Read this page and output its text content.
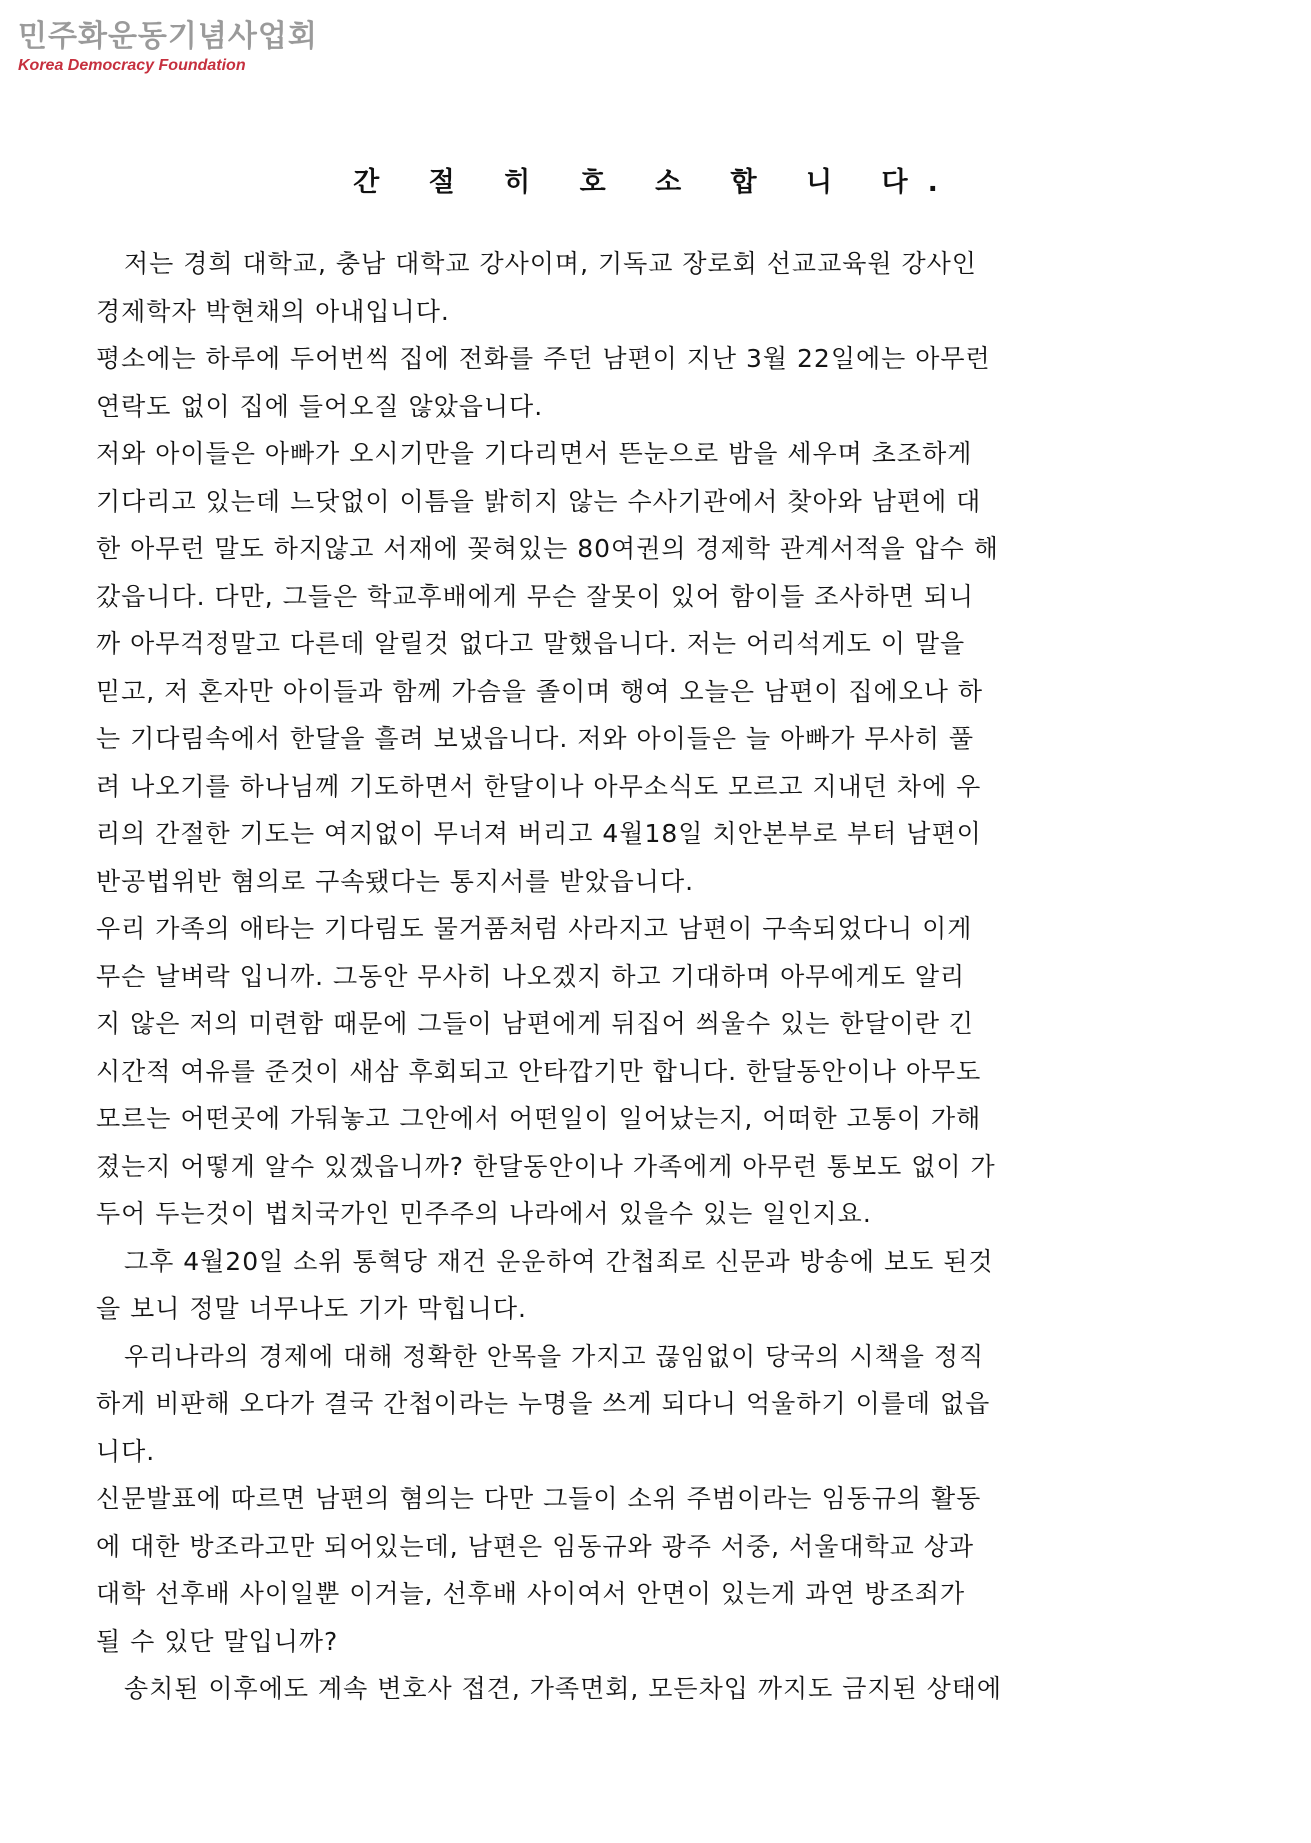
민주화운동기념사업회
Korea Democracy Foundation
간 절 히 호 소 합 니 다.
저는 경희 대학교, 충남 대학교 강사이며, 기독교 장로회 선교교육원 강사인
경제학자 박현채의 아내입니다.
평소에는 하루에 두어번씩 집에 전화를 주던 남편이 지난 3월 22일에는 아무런
연락도 없이 집에 들어오질 않았읍니다.
저와 아이들은 아빠가 오시기만을 기다리면서 뜬눈으로 밤을 세우며 초조하게
기다리고 있는데 느닷없이 이틈을 밝히지 않는 수사기관에서 찾아와 남편에 대
한 아무런 말도 하지않고 서재에 꽂혀있는 80여권의 경제학 관계서적을 압수 해
갔읍니다. 다만, 그들은 학교후배에게 무슨 잘못이 있어 함이들 조사하면 되니
까 아무걱정말고 다른데 알릴것 없다고 말했읍니다. 저는 어리석게도 이 말을
믿고, 저 혼자만 아이들과 함께 가슴을 졸이며 행여 오늘은 남편이 집에오나 하
는 기다림속에서 한달을 흘려 보냈읍니다. 저와 아이들은 늘 아빠가 무사히 풀
려 나오기를 하나님께 기도하면서 한달이나 아무소식도 모르고 지내던 차에 우
리의 간절한 기도는 여지없이 무너져 버리고 4월18일 치안본부로 부터 남편이
반공법위반 혐의로 구속됐다는 통지서를 받았읍니다.
우리 가족의 애타는 기다림도 물거품처럼 사라지고 남편이 구속되었다니 이게
무슨 날벼락 입니까. 그동안 무사히 나오겠지 하고 기대하며 아무에게도 알리
지 않은 저의 미련함 때문에 그들이 남편에게 뒤집어 씌울수 있는 한달이란 긴
시간적 여유를 준것이 새삼 후회되고 안타깝기만 합니다. 한달동안이나 아무도
모르는 어떤곳에 가둬놓고 그안에서 어떤일이 일어났는지, 어떠한 고통이 가해
졌는지 어떻게 알수 있겠읍니까? 한달동안이나 가족에게 아무런 통보도 없이 가
두어 두는것이 법치국가인 민주주의 나라에서 있을수 있는 일인지요.
그후 4월20일 소위 통혁당 재건 운운하여 간첩죄로 신문과 방송에 보도 된것
을 보니 정말 너무나도 기가 막힙니다.
우리나라의 경제에 대해 정확한 안목을 가지고 끊임없이 당국의 시책을 정직
하게 비판해 오다가 결국 간첩이라는 누명을 쓰게 되다니 억울하기 이를데 없읍
니다.
신문발표에 따르면 남편의 혐의는 다만 그들이 소위 주범이라는 임동규의 활동
에 대한 방조라고만 되어있는데, 남편은 임동규와 광주 서중, 서울대학교 상과
대학 선후배 사이일뿐 이거늘, 선후배 사이여서 안면이 있는게 과연 방조죄가
될 수 있단 말입니까?
송치된 이후에도 계속 변호사 접견, 가족면회, 모든차입 까지도 금지된 상태에
